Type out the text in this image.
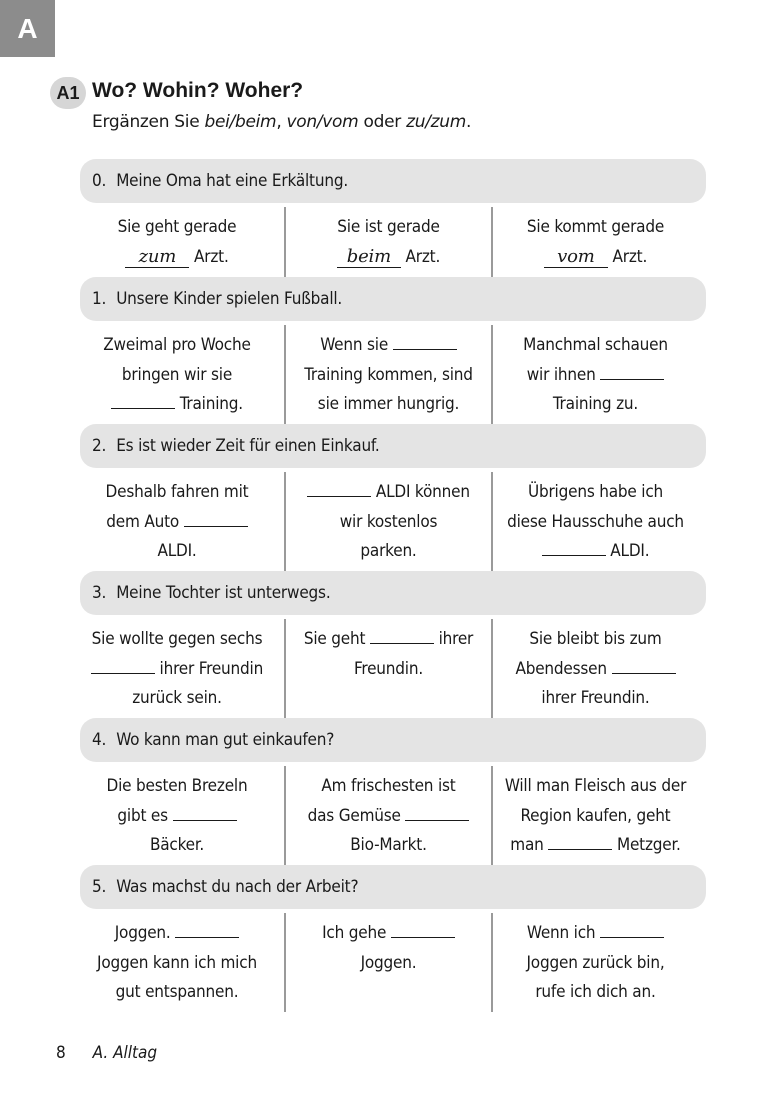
A
A1 Wo? Wohin? Woher?
Ergänzen Sie bei/beim, von/vom oder zu/zum.
0. Meine Oma hat eine Erkältung.
Sie geht gerade
zum Arzt.
Sie ist gerade
beim Arzt.
Sie kommt gerade
vom Arzt.
1. Unsere Kinder spielen Fußball.
Zweimal pro Woche
bringen wir sie
Training.
Wenn sie
Training kommen, sind
sie immer hungrig.
Manchmal schauen
wir ihnen
Training zu.
2. Es ist wieder Zeit für einen Einkauf.
Deshalb fahren mit
dem Auto
ALDI.
ALDI können
wir kostenlos
parken.
Übrigens habe ich
diese Hausschuhe auch
ALDI.
3. Meine Tochter ist unterwegs.
Sie wollte gegen sechs
ihrer Freundin
zurück sein.
Sie geht	ihrer
Freundin.
Sie bleibt bis zum
Abendessen
ihrer Freundin.
4. Wo kann man gut einkaufen?
Die besten Brezeln
gibt es
Bäcker.
Am frischesten ist
das Gemüse
Bio-Markt.
Will man Fleisch aus der
Region kaufen, geht
man	Metzger.
5. Was machst du nach der Arbeit?
Joggen.
Joggen kann ich mich
gut entspannen.
Ich gehe
Joggen.
Wenn ich
Joggen zurück bin,
rufe ich dich an.
8 A. Alltag
